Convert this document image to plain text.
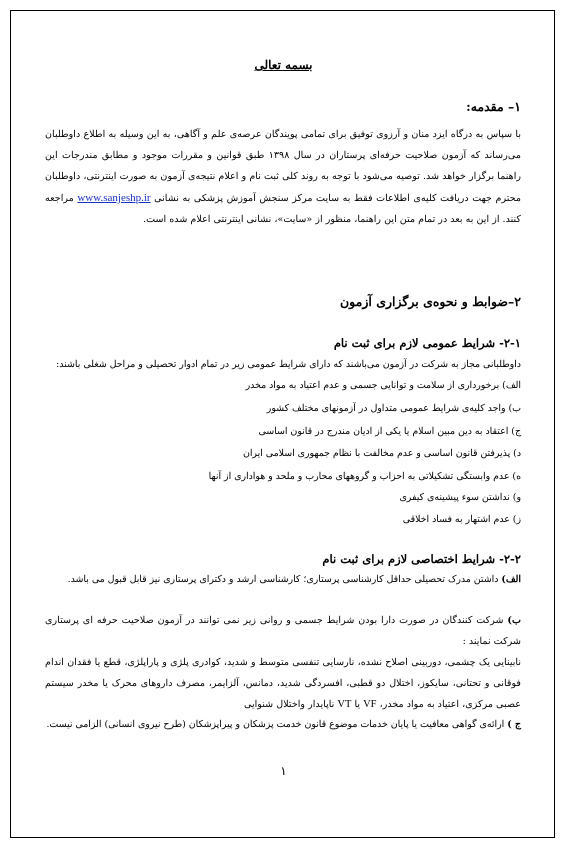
بسمه تعالی
۱– مقدمه:
با سپاس به درگاه ایزد منان و آرزوی توفیق برای تمامی پویندگان عرصه‌ی علم و آگاهی، به این وسیله به اطلاع داوطلبان می‌رساند که آزمون صلاحیت حرفه‌ای پرستاران در سال ۱۳۹۸ طبق قوانین و مقررات موجود و مطابق مندرجات این راهنما برگزار خواهد شد. توصیه می‌شود با توجه به روند کلی ثبت نام و اعلام نتیجه‌ی آزمون به صورت اینترنتی، داوطلبان محترم جهت دریافت کلیه‌ی اطلاعات فقط به سایت مرکز سنجش آموزش پزشکی به نشانی www.sanjeshp.ir مراجعه کنند. از این به بعد در تمام متن این راهنما، منظور از «سایت»، نشانی اینترنتی اعلام شده است.
۲–ضوابط و نحوه‌ی برگزاری آزمون
۲-۱- شرایط عمومی لازم برای ثبت نام
داوطلبانی مجاز به شرکت در آزمون می‌باشند که دارای شرایط عمومی زیر در تمام ادوار تحصیلی و مراحل شغلی باشند:
الف) برخورداری از سلامت و توانایی جسمی و عدم اعتیاد به مواد مخدر
ب) واجد کلیه‌ی شرایط عمومی متداول در آزمونهای مختلف کشور
ج) اعتقاد به دین مبین اسلام یا یکی از ادیان مندرج در قانون اساسی
د) پذیرفتن قانون اساسی و عدم مخالفت با نظام جمهوری اسلامی ایران
ه) عدم وابستگی تشکیلاتی به احزاب و گروههای محارب و ملحد و هواداری از آنها
و) نداشتن سوء پیشینه‌ی کیفری
ز) عدم اشتهار به فساد اخلاقی
۲-۲- شرایط اختصاصی لازم برای ثبت نام
الف) داشتن مدرک تحصیلی حداقل کارشناسی پرستاری؛ کارشناسی ارشد و دکترای پرستاری نیز قابل قبول می باشد.
ب) شرکت کنندگان در صورت دارا بودن شرایط جسمی و روانی زیر نمی توانند در آزمون صلاحیت حرفه ای پرستاری شرکت نمایند :
نابینایی یک چشمی، دوربینی اصلاح نشده، نارسایی تنفسی متوسط و شدید، کوادری پلژی و پاراپلژی، قطع یا فقدان اندام فوقانی و تحتانی، سایکوز، اختلال دو قطبی، افسردگی شدید، دمانس، آلزایمر، مصرف داروهای محرک یا مخدر سیستم عصبی مرکزی، اعتیاد به مواد مخدر، VF یا VT ناپایدار واختلال شنوایی
ج ) ارائه‌ی گواهی معافیت یا پایان خدمات موضوع قانون خدمت پزشکان و پیراپزشکان (طرح نیروی انسانی) الزامی نیست.
۱
